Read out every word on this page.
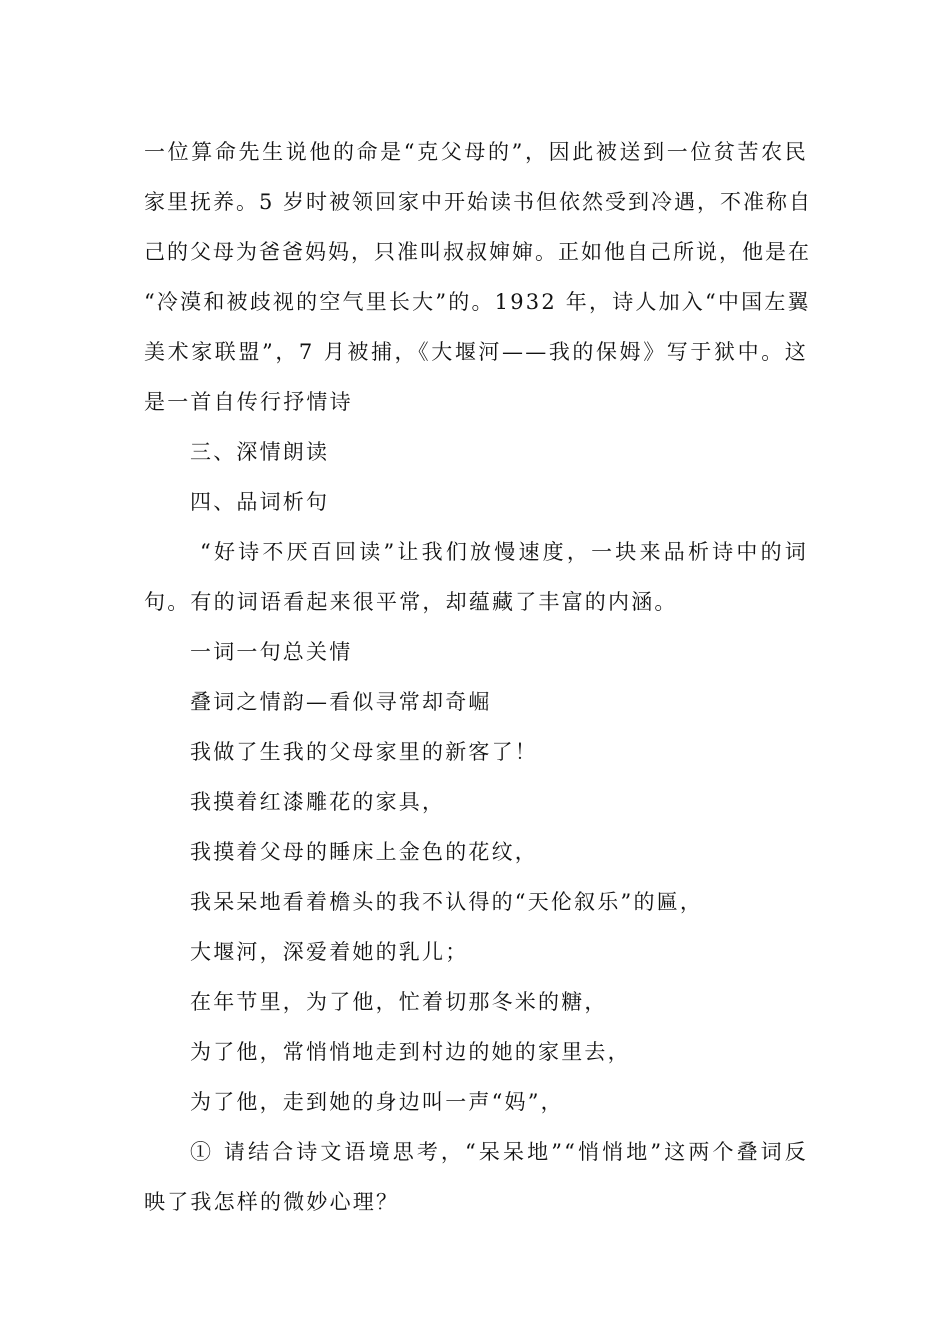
一位算命先生说他的命是“克父母的”，因此被送到一位贫苦农民
家里抚养。5 岁时被领回家中开始读书但依然受到冷遇，不准称自
己的父母为爸爸妈妈，只准叫叔叔婶婶。正如他自己所说，他是在
“冷漠和被歧视的空气里长大”的。1932 年，诗人加入“中国左翼
美术家联盟”，7 月被捕，《大堰河——我的保姆》写于狱中。这
是一首自传行抒情诗
三、深情朗读
四、品词析句
“好诗不厌百回读”让我们放慢速度，一块来品析诗中的词
句。有的词语看起来很平常，却蕴藏了丰富的内涵。
一词一句总关情
叠词之情韵—看似寻常却奇崛
我做了生我的父母家里的新客了！
我摸着红漆雕花的家具，
我摸着父母的睡床上金色的花纹，
我呆呆地看着檐头的我不认得的“天伦叙乐”的匾，
大堰河，深爱着她的乳儿；
在年节里，为了他，忙着切那冬米的糖，
为了他，常悄悄地走到村边的她的家里去，
为了他，走到她的身边叫一声“妈”，
① 请结合诗文语境思考，“呆呆地”“悄悄地”这两个叠词反
映了我怎样的微妙心理？
